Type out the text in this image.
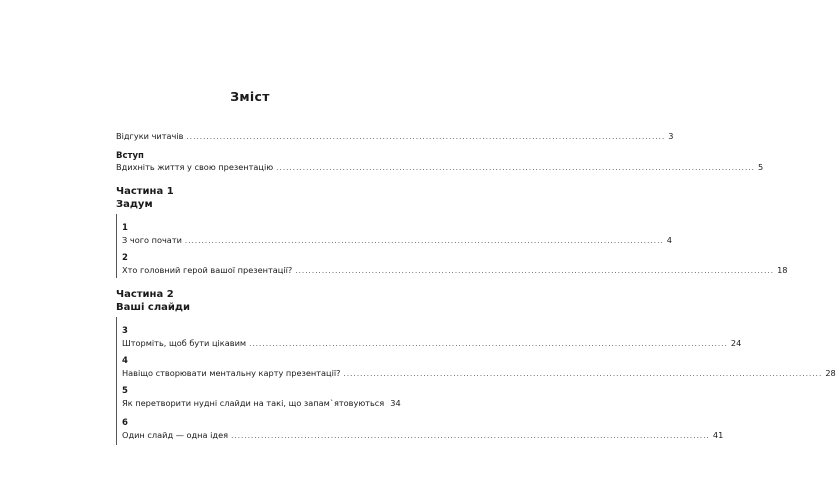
Зміст
Відгуки читачів ................................................................................................................................................ 3
Вступ
Вдихніть життя у свою презентацію ................................................................................................................................................ 5
Частина 1
Задум
1
З чого почати ................................................................................................................................................ 4
2
Хто головний герой вашої презентації? ................................................................................................................................................ 18
Частина 2
Ваші слайди
3
Шторміть, щоб бути цікавим ................................................................................................................................................ 24
4
Навіщо створювати ментальну карту презентації? ................................................................................................................................................ 28
5
Як перетворити нудні слайди на такі, що запам`ятовуються 34
6
Один слайд — одна ідея ................................................................................................................................................ 41
